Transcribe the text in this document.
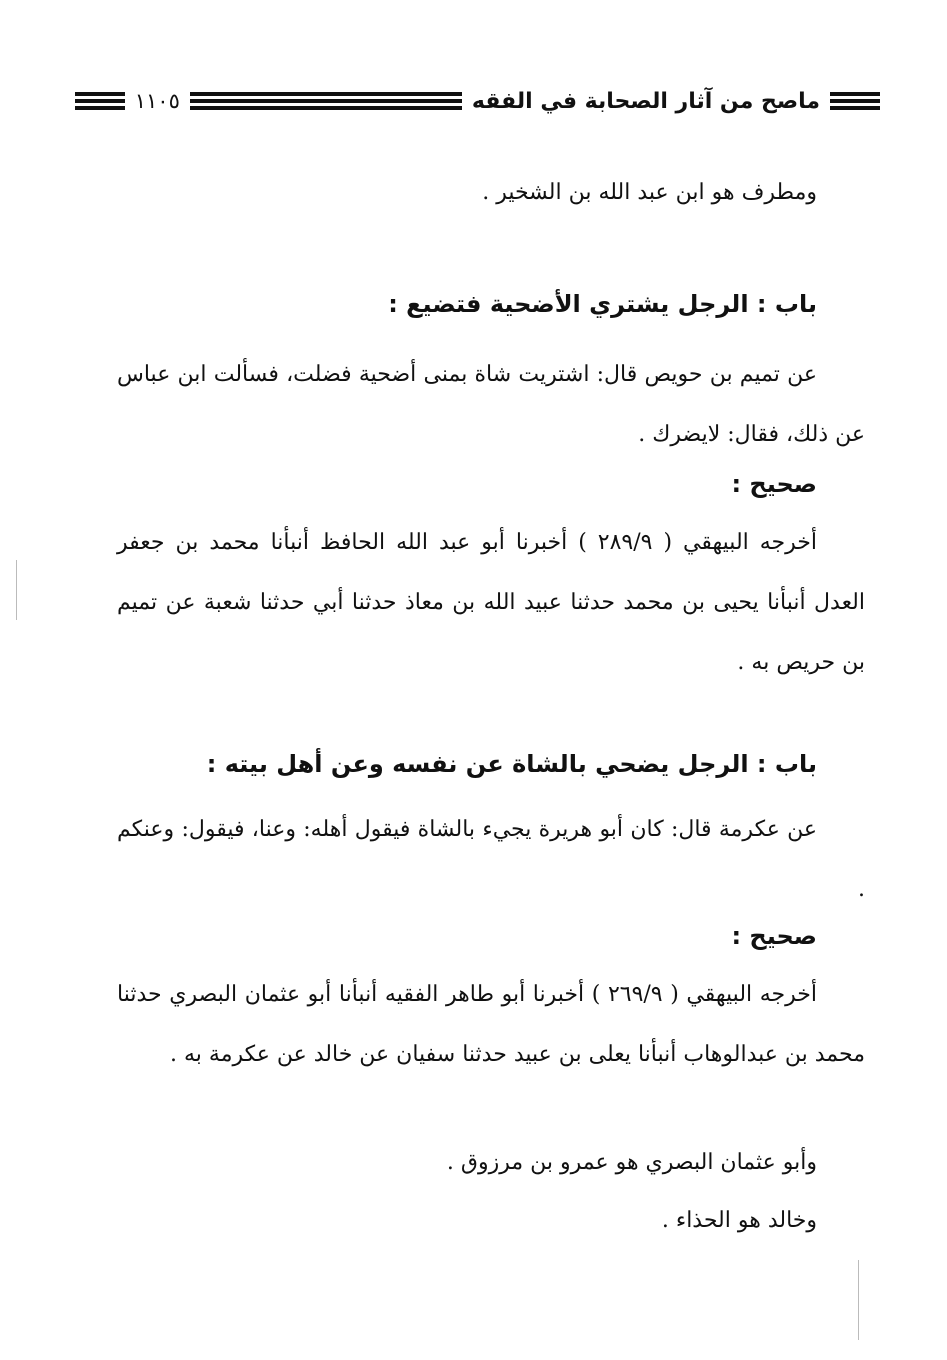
ماصح من آثار الصحابة في الفقه
١١٠٥
ومطرف هو ابن عبد الله بن الشخير .
باب : الرجل يشتري الأضحية فتضيع :
عن تميم بن حويص قال: اشتريت شاة بمنى أضحية فضلت، فسألت ابن عباس عن ذلك، فقال: لايضرك .
صحيح :
أخرجه البيهقي ( ٢٨٩/٩ ) أخبرنا أبو عبد الله الحافظ أنبأنا محمد بن جعفر العدل أنبأنا يحيى بن محمد حدثنا عبيد الله بن معاذ حدثنا أبي حدثنا شعبة عن تميم بن حريص به .
باب : الرجل يضحي بالشاة عن نفسه وعن أهل بيته :
عن عكرمة قال: كان أبو هريرة يجيء بالشاة فيقول أهله: وعنا، فيقول: وعنكم .
صحيح :
أخرجه البيهقي ( ٢٦٩/٩ ) أخبرنا أبو طاهر الفقيه أنبأنا أبو عثمان البصري حدثنا محمد بن عبدالوهاب أنبأنا يعلى بن عبيد حدثنا سفيان عن خالد عن عكرمة به .
وأبو عثمان البصري هو عمرو بن مرزوق .
وخالد هو الحذاء .
